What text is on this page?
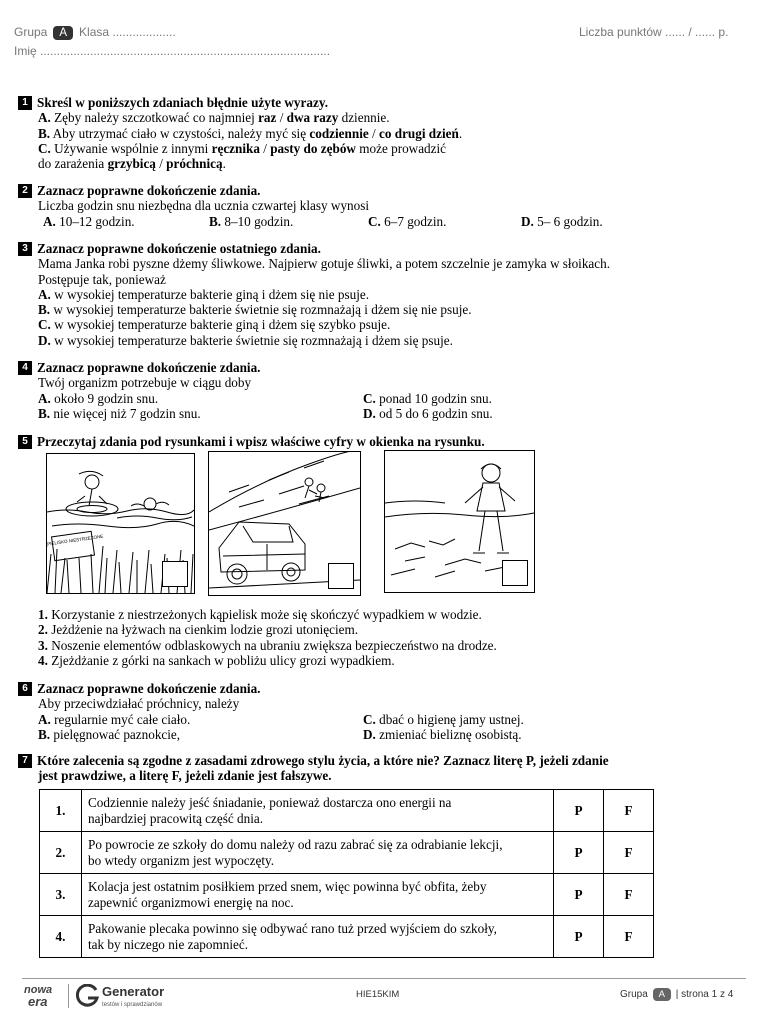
Grupa A Klasa ...................	Liczba punktów ...... / ...... p.
Imię .......................................................................................
1 Skreśl w poniższych zdaniach błędnie użyte wyrazy.
A. Zęby należy szczotkować co najmniej raz / dwa razy dziennie.
B. Aby utrzymać ciało w czystości, należy myć się codziennie / co drugi dzień.
C. Używanie wspólnie z innymi ręcznika / pasty do zębów może prowadzić
do zarażenia grzybicą / próchnicą.
2 Zaznacz poprawne dokończenie zdania.
Liczba godzin snu niezbędna dla ucznia czwartej klasy wynosi
A. 10–12 godzin.	B. 8–10 godzin.	C. 6–7 godzin.	D. 5– 6 godzin.
3 Zaznacz poprawne dokończenie ostatniego zdania.
Mama Janka robi pyszne dżemy śliwkowe. Najpierw gotuje śliwki, a potem szczelnie je zamyka w słoikach.
Postępuje tak, ponieważ
A. w wysokiej temperaturze bakterie giną i dżem się nie psuje.
B. w wysokiej temperaturze bakterie świetnie się rozmnażają i dżem się nie psuje.
C. w wysokiej temperaturze bakterie giną i dżem się szybko psuje.
D. w wysokiej temperaturze bakterie świetnie się rozmnażają i dżem się psuje.
4 Zaznacz poprawne dokończenie zdania.
Twój organizm potrzebuje w ciągu doby
A. około 9 godzin snu.	C. ponad 10 godzin snu.
B. nie więcej niż 7 godzin snu.	D. od 5 do 6 godzin snu.
5 Przeczytaj zdania pod rysunkami i wpisz właściwe cyfry w okienka na rysunku.
KĄPIELISKO NIESTRZEŻONE
1. Korzystanie z niestrzeżonych kąpielisk może się skończyć wypadkiem w wodzie.
2. Jeżdżenie na łyżwach na cienkim lodzie grozi utonięciem.
3. Noszenie elementów odblaskowych na ubraniu zwiększa bezpieczeństwo na drodze.
4. Zjeżdżanie z górki na sankach w pobliżu ulicy grozi wypadkiem.
6 Zaznacz poprawne dokończenie zdania.
Aby przeciwdziałać próchnicy, należy
A. regularnie myć całe ciało.	C. dbać o higienę jamy ustnej.
B. pielęgnować paznokcie,	D. zmieniać bieliznę osobistą.
7 Które zalecenia są zgodne z zasadami zdrowego stylu życia, a które nie? Zaznacz literę P, jeżeli zdanie
jest prawdziwe, a literę F, jeżeli zdanie jest fałszywe.
1.	Codziennie należy jeść śniadanie, ponieważ dostarcza ono energii na
najbardziej pracowitą część dnia.	P	F
2.	Po powrocie ze szkoły do domu należy od razu zabrać się za odrabianie lekcji,
bo wtedy organizm jest wypoczęty.	P	F
3.	Kolacja jest ostatnim posiłkiem przed snem, więc powinna być obfita, żeby
zapewnić organizmowi energię na noc.	P	F
4.	Pakowanie plecaka powinno się odbywać rano tuż przed wyjściem do szkoły,
tak by niczego nie zapomnieć.	P	F
nowa
era
Generator
testów i sprawdzianów
HIE15KIM	Grupa A | strona 1 z 4
